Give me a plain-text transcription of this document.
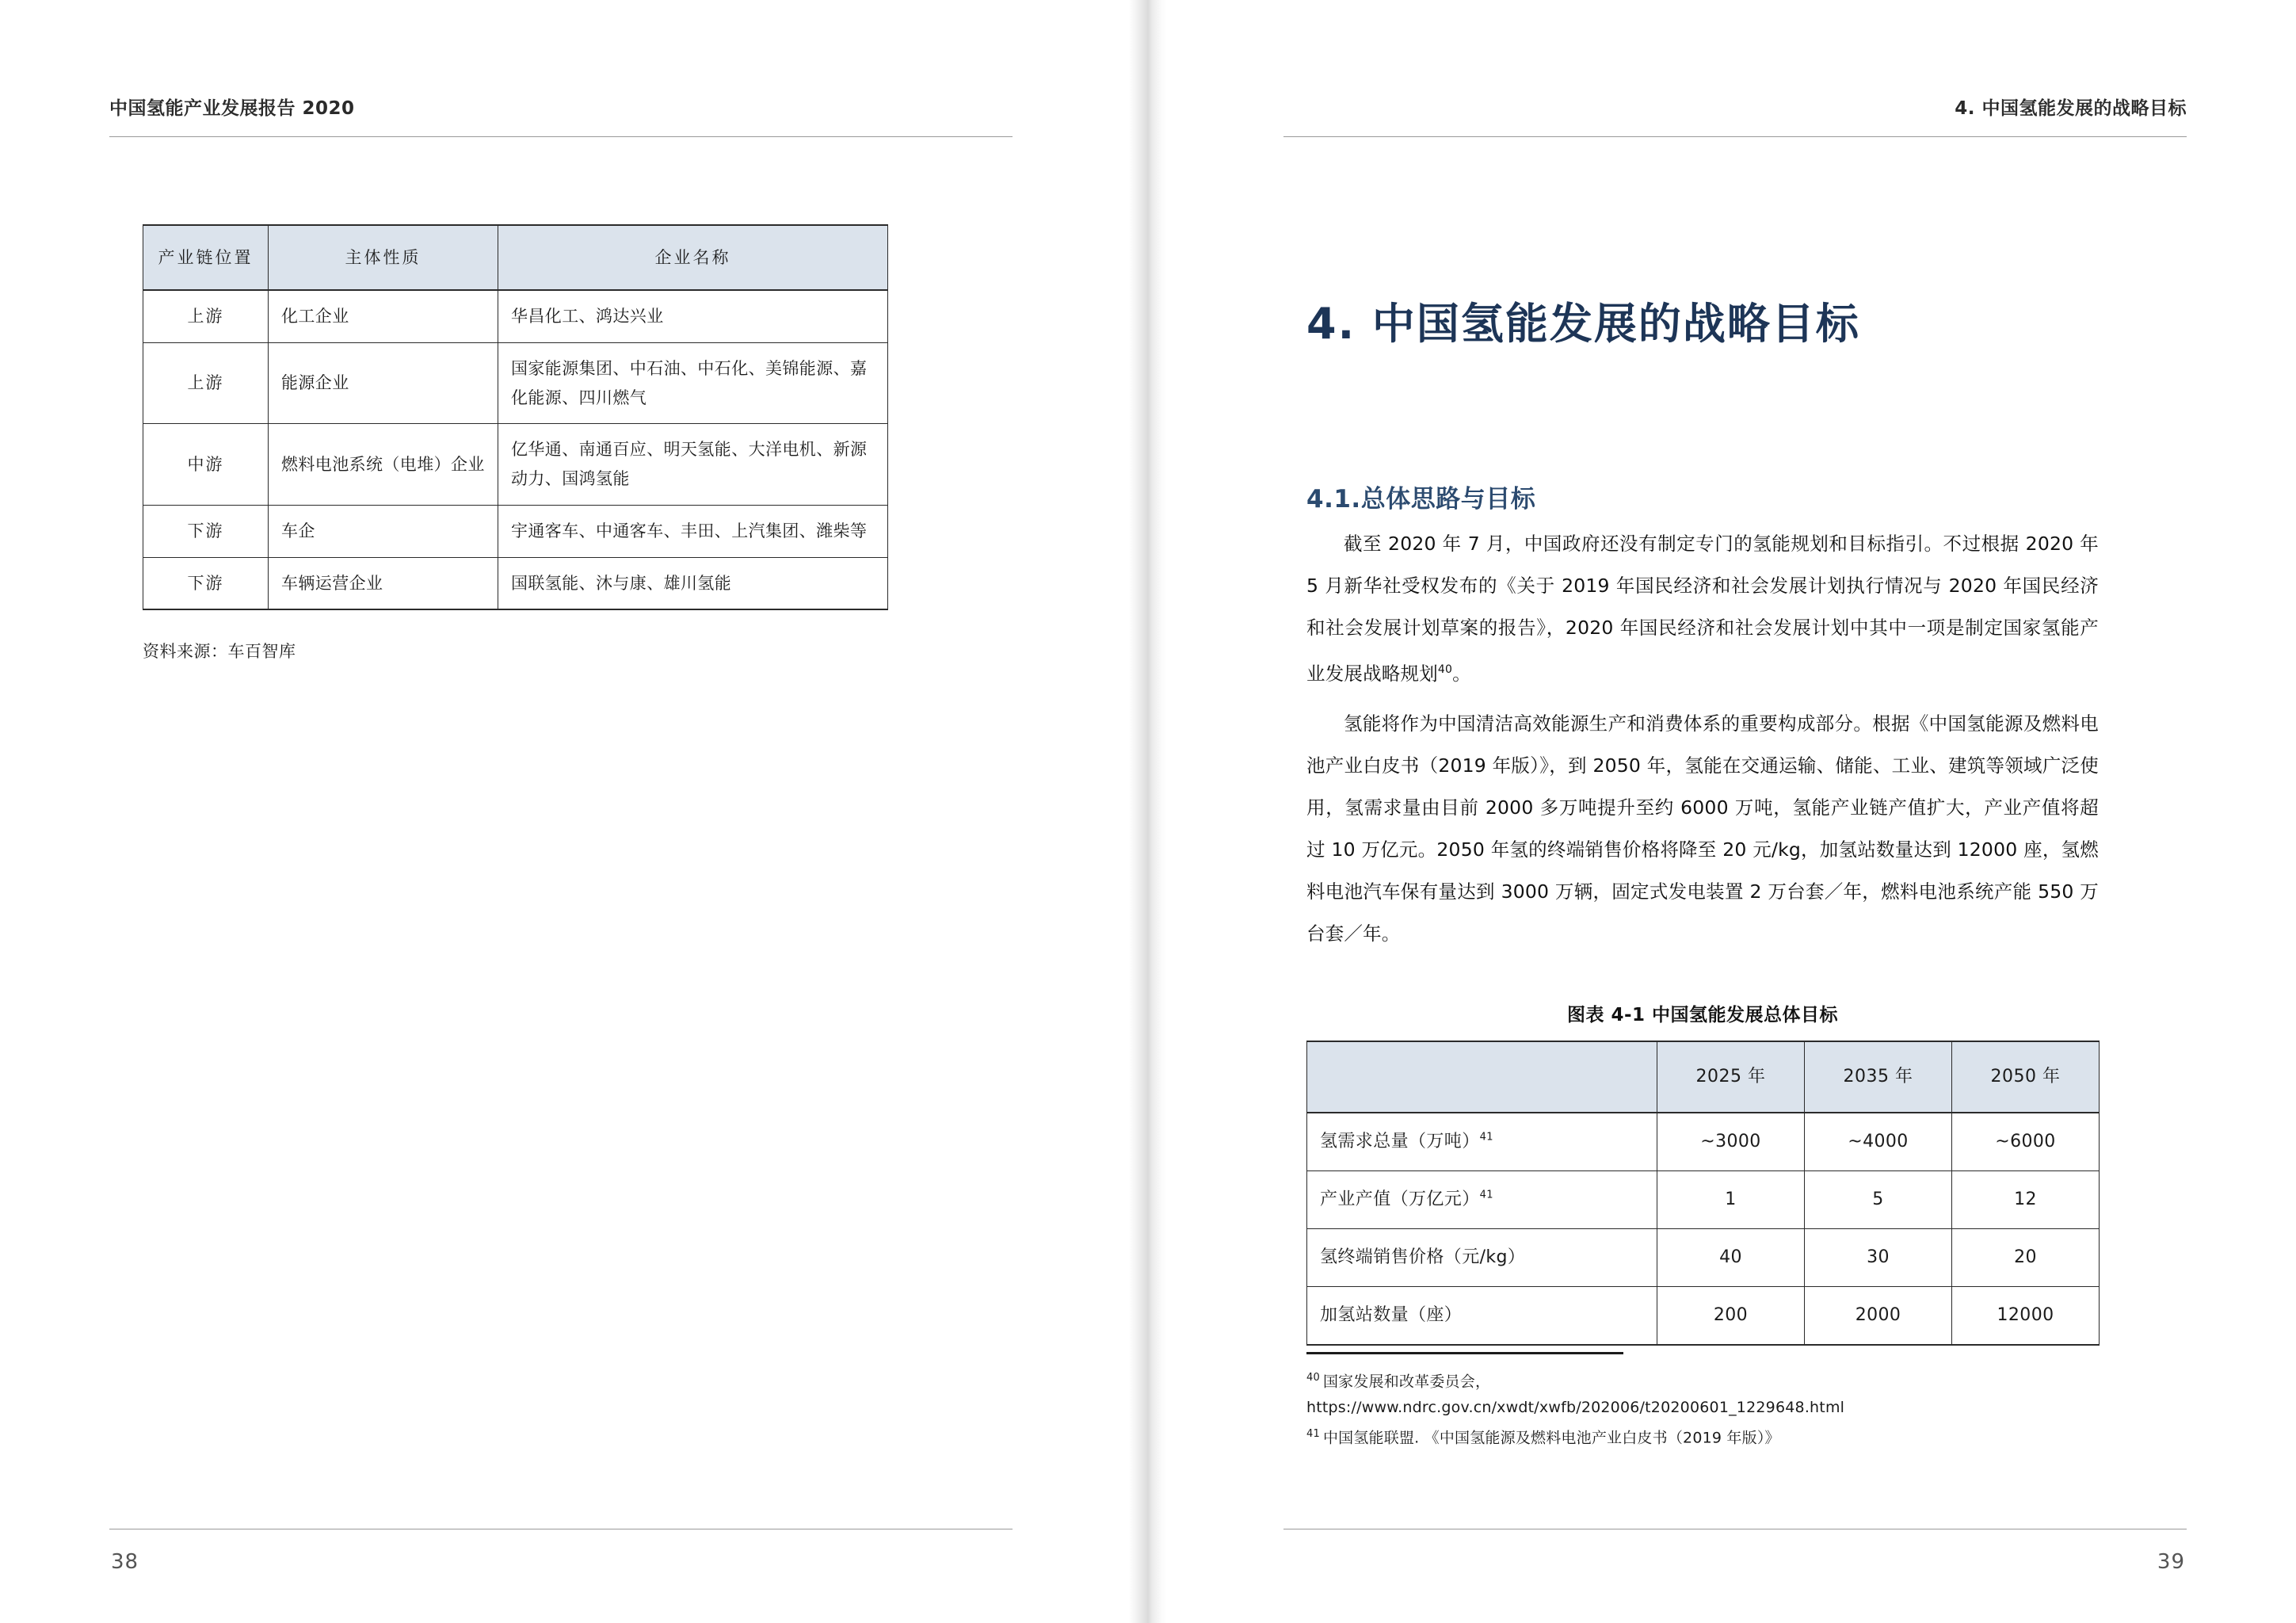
中国氢能产业发展报告 2020
产业链位置	主体性质	企业名称
上游	化工企业	华昌化工、鸿达兴业
上游	能源企业	国家能源集团、中石油、中石化、美锦能源、嘉化能源、四川燃气
中游	燃料电池系统（电堆）企业	亿华通、南通百应、明天氢能、大洋电机、新源动力、国鸿氢能
下游	车企	宇通客车、中通客车、丰田、上汽集团、潍柴等
下游	车辆运营企业	国联氢能、沐与康、雄川氢能
资料来源：车百智库
38
4. 中国氢能发展的战略目标
4. 中国氢能发展的战略目标
4.1.总体思路与目标

截至 2020 年 7 月，中国政府还没有制定专门的氢能规划和目标指引。不过根据 2020 年 5 月新华社受权发布的《关于 2019 年国民经济和社会发展计划执行情况与 2020 年国民经济和社会发展计划草案的报告》，2020 年国民经济和社会发展计划中其中一项是制定国家氢能产业发展战略规划$^{40}$。

氢能将作为中国清洁高效能源生产和消费体系的重要构成部分。根据《中国氢能源及燃料电池产业白皮书（2019 年版）》，到 2050 年，氢能在交通运输、储能、工业、建筑等领域广泛使用，氢需求量由目前 2000 多万吨提升至约 6000 万吨，氢能产业链产值扩大，产业产值将超过 10 万亿元。2050 年氢的终端销售价格将降至 20 元/kg，加氢站数量达到 12000 座，氢燃料电池汽车保有量达到 3000 万辆，固定式发电装置 2 万台套／年，燃料电池系统产能 550 万台套／年。

图表 4-1 中国氢能发展总体目标
	2025 年	2035 年	2050 年
氢需求总量（万吨）$^{41}$	~3000	~4000	~6000
产业产值（万亿元）$^{41}$	1	5	12
氢终端销售价格（元/kg）	40	30	20
加氢站数量（座）	200	2000	12000

$^{40}$ 国家发展和改革委员会，

https://www.ndrc.gov.cn/xwdt/xwfb/202006/t20200601_1229648.html

$^{41}$ 中国氢能联盟. 《中国氢能源及燃料电池产业白皮书（2019 年版）》

39
